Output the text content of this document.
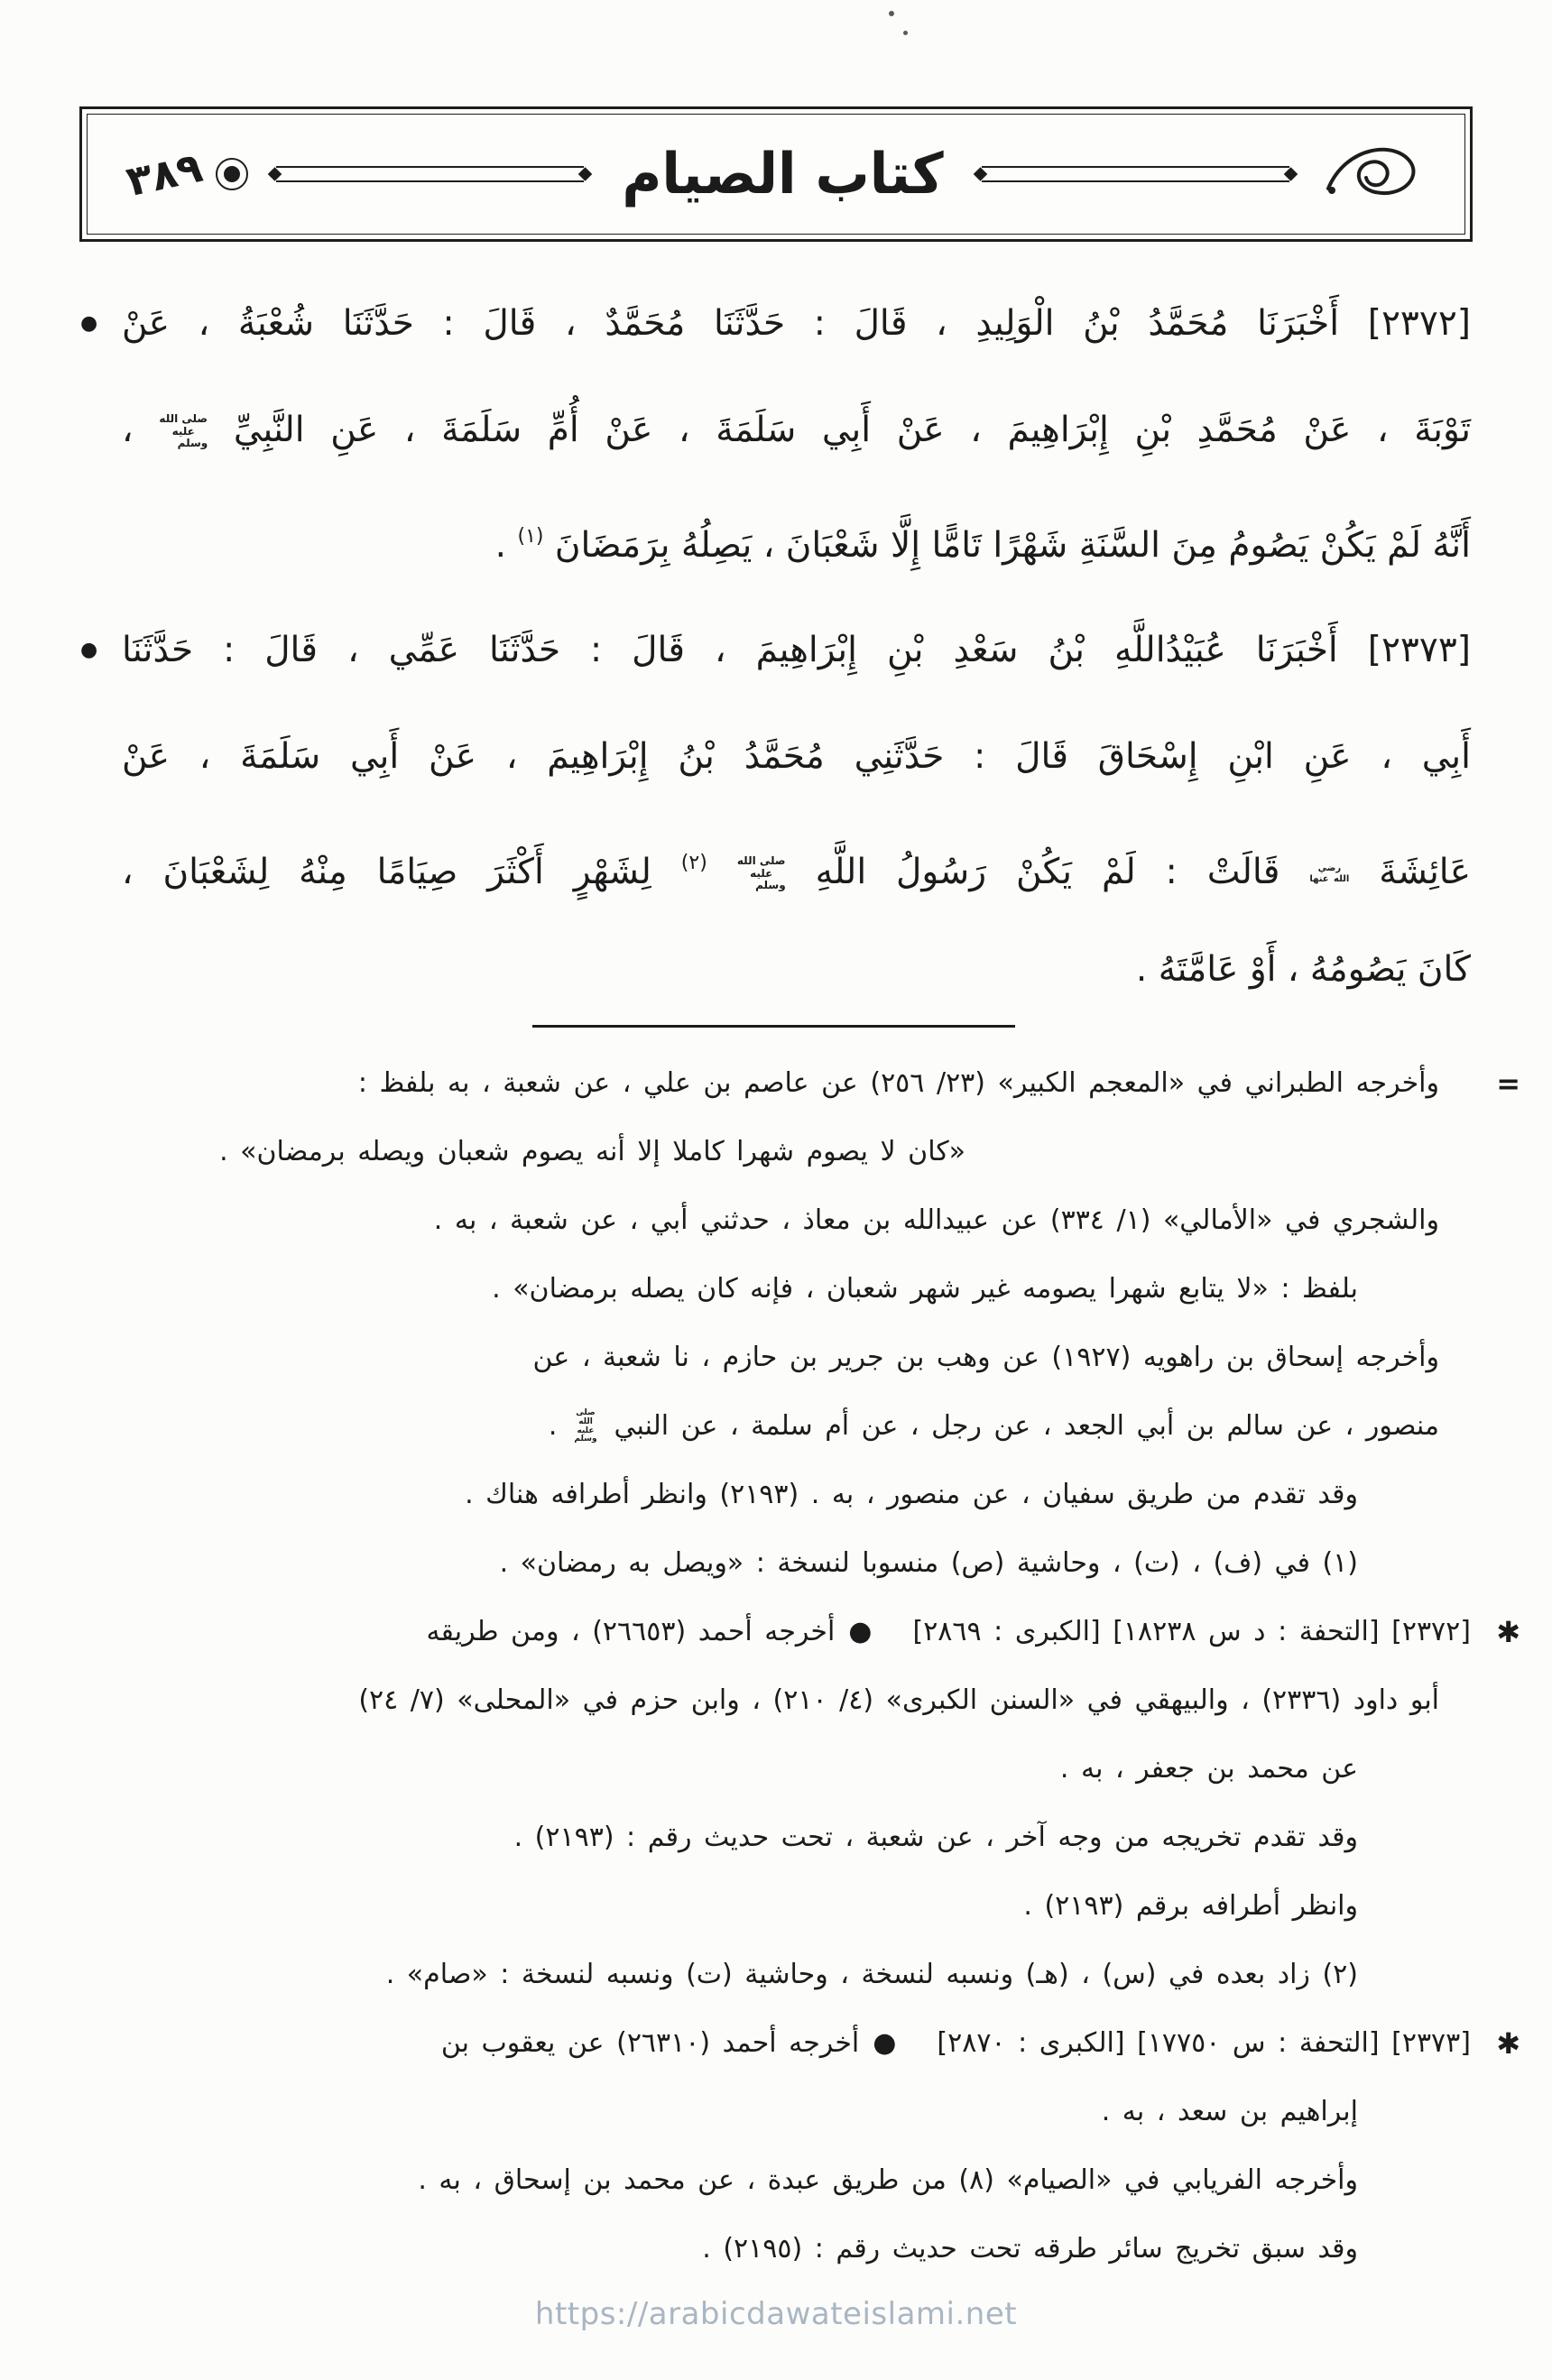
كتاب الصيام
٣٨٩
● [٢٣٧٢] أَخْبَرَنَا مُحَمَّدُ بْنُ الْوَلِيدِ ، قَالَ : حَدَّثَنَا مُحَمَّدٌ ، قَالَ : حَدَّثَنَا شُعْبَةُ ، عَنْ
تَوْبَةَ ، عَنْ مُحَمَّدِ بْنِ إِبْرَاهِيمَ ، عَنْ أَبِي سَلَمَةَ ، عَنْ أُمِّ سَلَمَةَ ، عَنِ النَّبِيِّ صلى الله عليه وسلم ،
أَنَّهُ لَمْ يَكُنْ يَصُومُ مِنَ السَّنَةِ شَهْرًا تَامًّا إِلَّا شَعْبَانَ ، يَصِلُهُ بِرَمَضَانَ $^{(١)}$ .
● [٢٣٧٣] أَخْبَرَنَا عُبَيْدُاللَّهِ بْنُ سَعْدِ بْنِ إِبْرَاهِيمَ ، قَالَ : حَدَّثَنَا عَمِّي ، قَالَ : حَدَّثَنَا
أَبِي ، عَنِ ابْنِ إِسْحَاقَ قَالَ : حَدَّثَنِي مُحَمَّدُ بْنُ إِبْرَاهِيمَ ، عَنْ أَبِي سَلَمَةَ ، عَنْ
عَائِشَةَ رضي الله عنها قَالَتْ : لَمْ يَكُنْ رَسُولُ اللَّهِ صلى الله عليه وسلم $^{(٢)}$ لِشَهْرٍ أَكْثَرَ صِيَامًا مِنْهُ لِشَعْبَانَ ،
كَانَ يَصُومُهُ ، أَوْ عَامَّتَهُ .
=
وأخرجه الطبراني في «المعجم الكبير» (٢٣/ ٢٥٦) عن عاصم بن علي ، عن شعبة ، به بلفظ :
«كان لا يصوم شهرا كاملا إلا أنه يصوم شعبان ويصله برمضان» .
والشجري في «الأمالي» (١/ ٣٣٤) عن عبيدالله بن معاذ ، حدثني أبي ، عن شعبة ، به .
بلفظ : «لا يتابع شهرا يصومه غير شهر شعبان ، فإنه كان يصله برمضان» .
وأخرجه إسحاق بن راهويه (١٩٢٧) عن وهب بن جرير بن حازم ، نا شعبة ، عن
منصور ، عن سالم بن أبي الجعد ، عن رجل ، عن أم سلمة ، عن النبي صلى الله عليه وسلم .
وقد تقدم من طريق سفيان ، عن منصور ، به . (٢١٩٣) وانظر أطرافه هناك .
(١) في (ف) ، (ت) ، وحاشية (ص) منسوبا لنسخة : «ويصل به رمضان» .
✱
[٢٣٧٢] [التحفة : د س ١٨٢٣٨] [الكبرى : ٢٨٦٩]   ● أخرجه أحمد (٢٦٦٥٣) ، ومن طريقه
أبو داود (٢٣٣٦) ، والبيهقي في «السنن الكبرى» (٤/ ٢١٠) ، وابن حزم في «المحلى» (٧/ ٢٤)
عن محمد بن جعفر ، به .
وقد تقدم تخريجه من وجه آخر ، عن شعبة ، تحت حديث رقم : (٢١٩٣) .
وانظر أطرافه برقم (٢١٩٣) .
(٢) زاد بعده في (س) ، (هـ) ونسبه لنسخة ، وحاشية (ت) ونسبه لنسخة : «صام» .
✱
[٢٣٧٣] [التحفة : س ١٧٧٥٠] [الكبرى : ٢٨٧٠]   ● أخرجه أحمد (٢٦٣١٠) عن يعقوب بن
إبراهيم بن سعد ، به .
وأخرجه الفريابي في «الصيام» (٨) من طريق عبدة ، عن محمد بن إسحاق ، به .
وقد سبق تخريج سائر طرقه تحت حديث رقم : (٢١٩٥) .
https://arabicdawateislami.net
